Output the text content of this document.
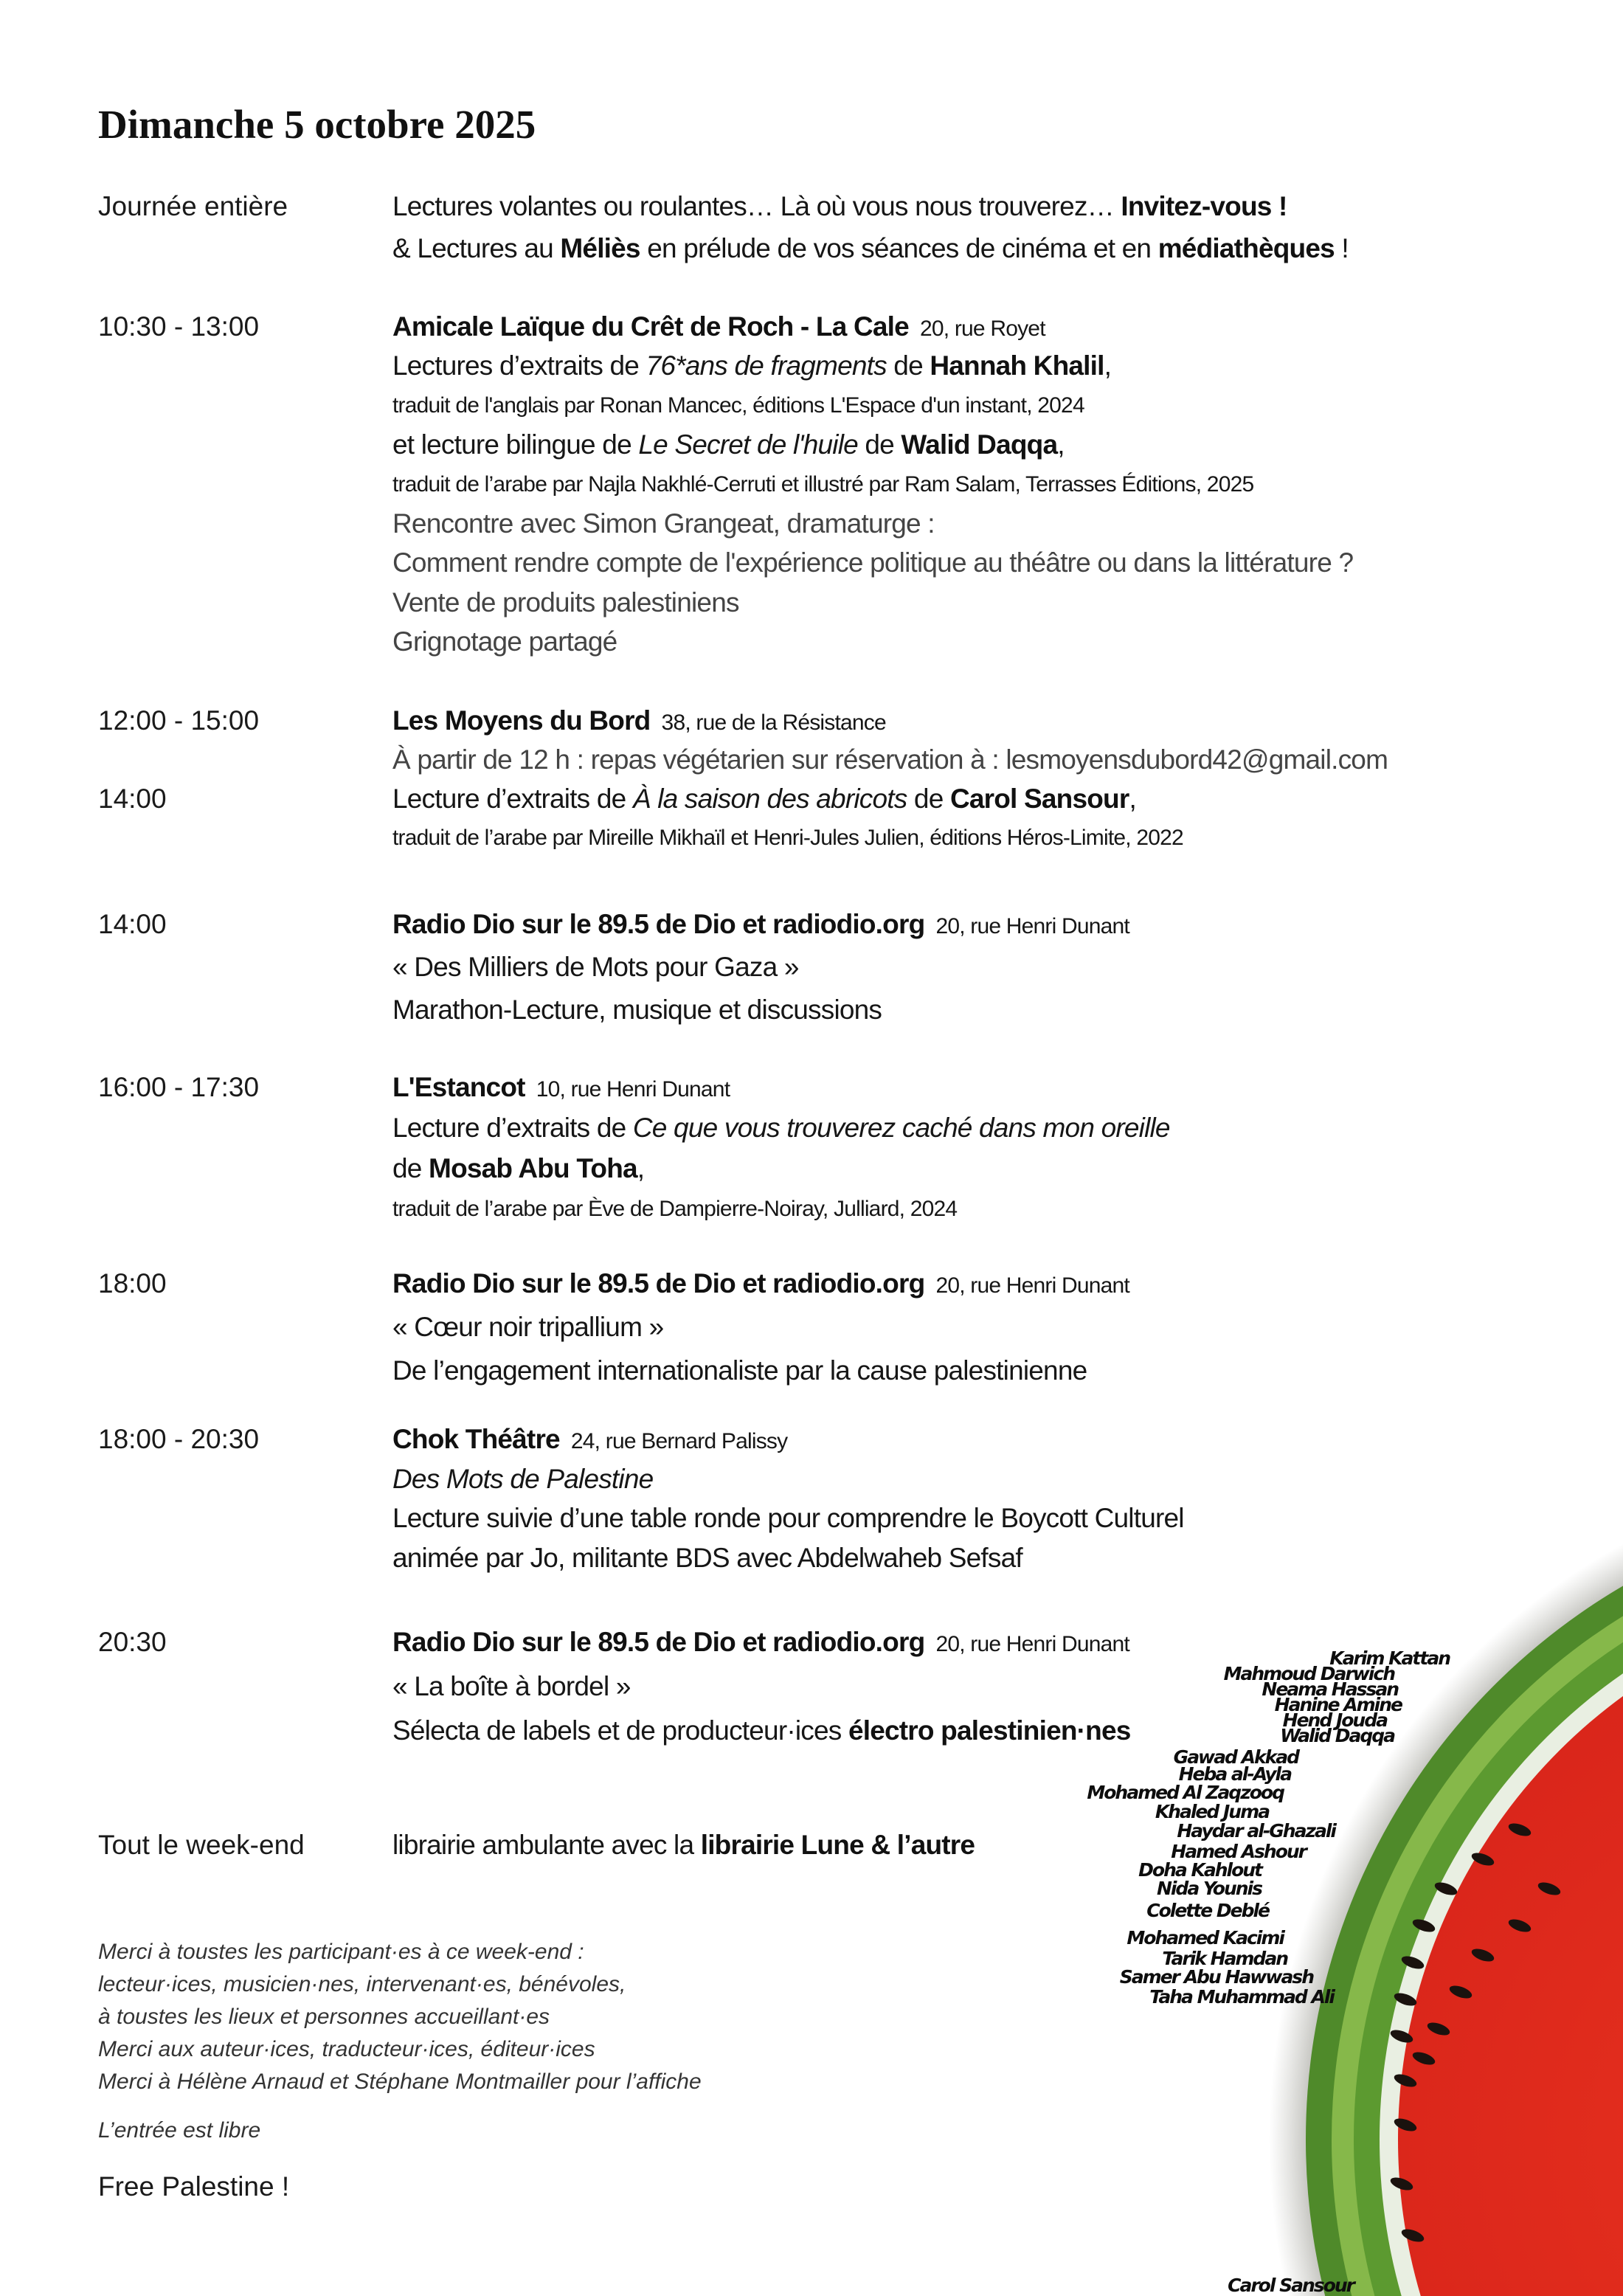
Dimanche 5 octobre 2025
Journée entière	Lectures volantes ou roulantes… Là où vous nous trouverez… Invitez-vous !
& Lectures au Méliès en prélude de vos séances de cinéma et en médiathèques !
10:30 - 13:00	Amicale Laïque du Crêt de Roch - La Cale  20, rue Royet
Lectures d’extraits de 76*ans de fragments de Hannah Khalil,
traduit de l'anglais par Ronan Mancec, éditions L'Espace d'un instant, 2024
et lecture bilingue de Le Secret de l'huile de Walid Daqqa,
traduit de l’arabe par Najla Nakhlé-Cerruti et illustré par Ram Salam, Terrasses Éditions, 2025
Rencontre avec Simon Grangeat, dramaturge :
Comment rendre compte de l'expérience politique au théâtre ou dans la littérature ?
Vente de produits palestiniens
Grignotage partagé
12:00 - 15:00	Les Moyens du Bord  38, rue de la Résistance
À partir de 12 h : repas végétarien sur réservation à : lesmoyensdubord42@gmail.com
14:00	Lecture d’extraits de À la saison des abricots de Carol Sansour,
traduit de l’arabe par Mireille Mikhaïl et Henri-Jules Julien, éditions Héros-Limite, 2022
14:00	Radio Dio sur le 89.5 de Dio et radiodio.org  20, rue Henri Dunant
« Des Milliers de Mots pour Gaza »
Marathon-Lecture, musique et discussions
16:00 - 17:30	L'Estancot  10, rue Henri Dunant
Lecture d’extraits de Ce que vous trouverez caché dans mon oreille
de Mosab Abu Toha,
traduit de l’arabe par Ève de Dampierre-Noiray, Julliard, 2024
18:00	Radio Dio sur le 89.5 de Dio et radiodio.org  20, rue Henri Dunant
« Cœur noir tripallium »
De l’engagement internationaliste par la cause palestinienne
18:00 - 20:30	Chok Théâtre  24, rue Bernard Palissy
Des Mots de Palestine
Lecture suivie d’une table ronde pour comprendre le Boycott Culturel
animée par Jo, militante BDS avec Abdelwaheb Sefsaf
20:30	Radio Dio sur le 89.5 de Dio et radiodio.org  20, rue Henri Dunant
« La boîte à bordel »
Sélecta de labels et de producteur·ices électro palestinien·nes
Tout le week-end	librairie ambulante avec la librairie Lune & l’autre
Merci à toustes les participant·es à ce week-end :
lecteur·ices, musicien·nes, intervenant·es, bénévoles,
à toustes les lieux et personnes accueillant·es
Merci aux auteur·ices, traducteur·ices, éditeur·ices
Merci à Hélène Arnaud et Stéphane Montmailler pour l’affiche
L’entrée est libre
Free Palestine !
Karim Kattan
Mahmoud Darwich
Neama Hassan
Hanine Amine
Hend Jouda
Walid Daqqa
Gawad Akkad
Heba al-Ayla
Mohamed Al Zaqzooq
Khaled Juma
Haydar al-Ghazali
Hamed Ashour
Doha Kahlout
Nida Younis
Colette Deblé
Mohamed Kacimi
Tarik Hamdan
Samer Abu Hawwash
Taha Muhammad Ali
Carol Sansour
